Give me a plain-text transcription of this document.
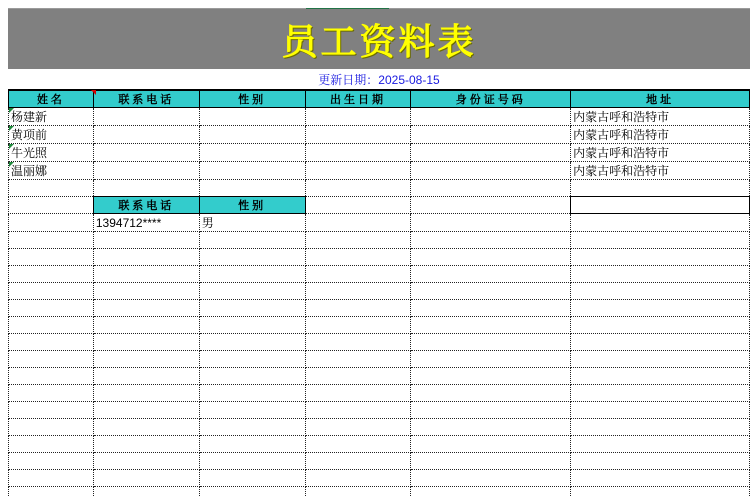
员工资料表
更新日期：2025-08-15
姓名	联系电话	性别	出生日期	身份证号码	地址

杨建新					内蒙古呼和浩特市

黄项前					内蒙古呼和浩特市

牛光照					内蒙古呼和浩特市

温丽娜					内蒙古呼和浩特市

	联系电话	性别			
	1394712****	男			
